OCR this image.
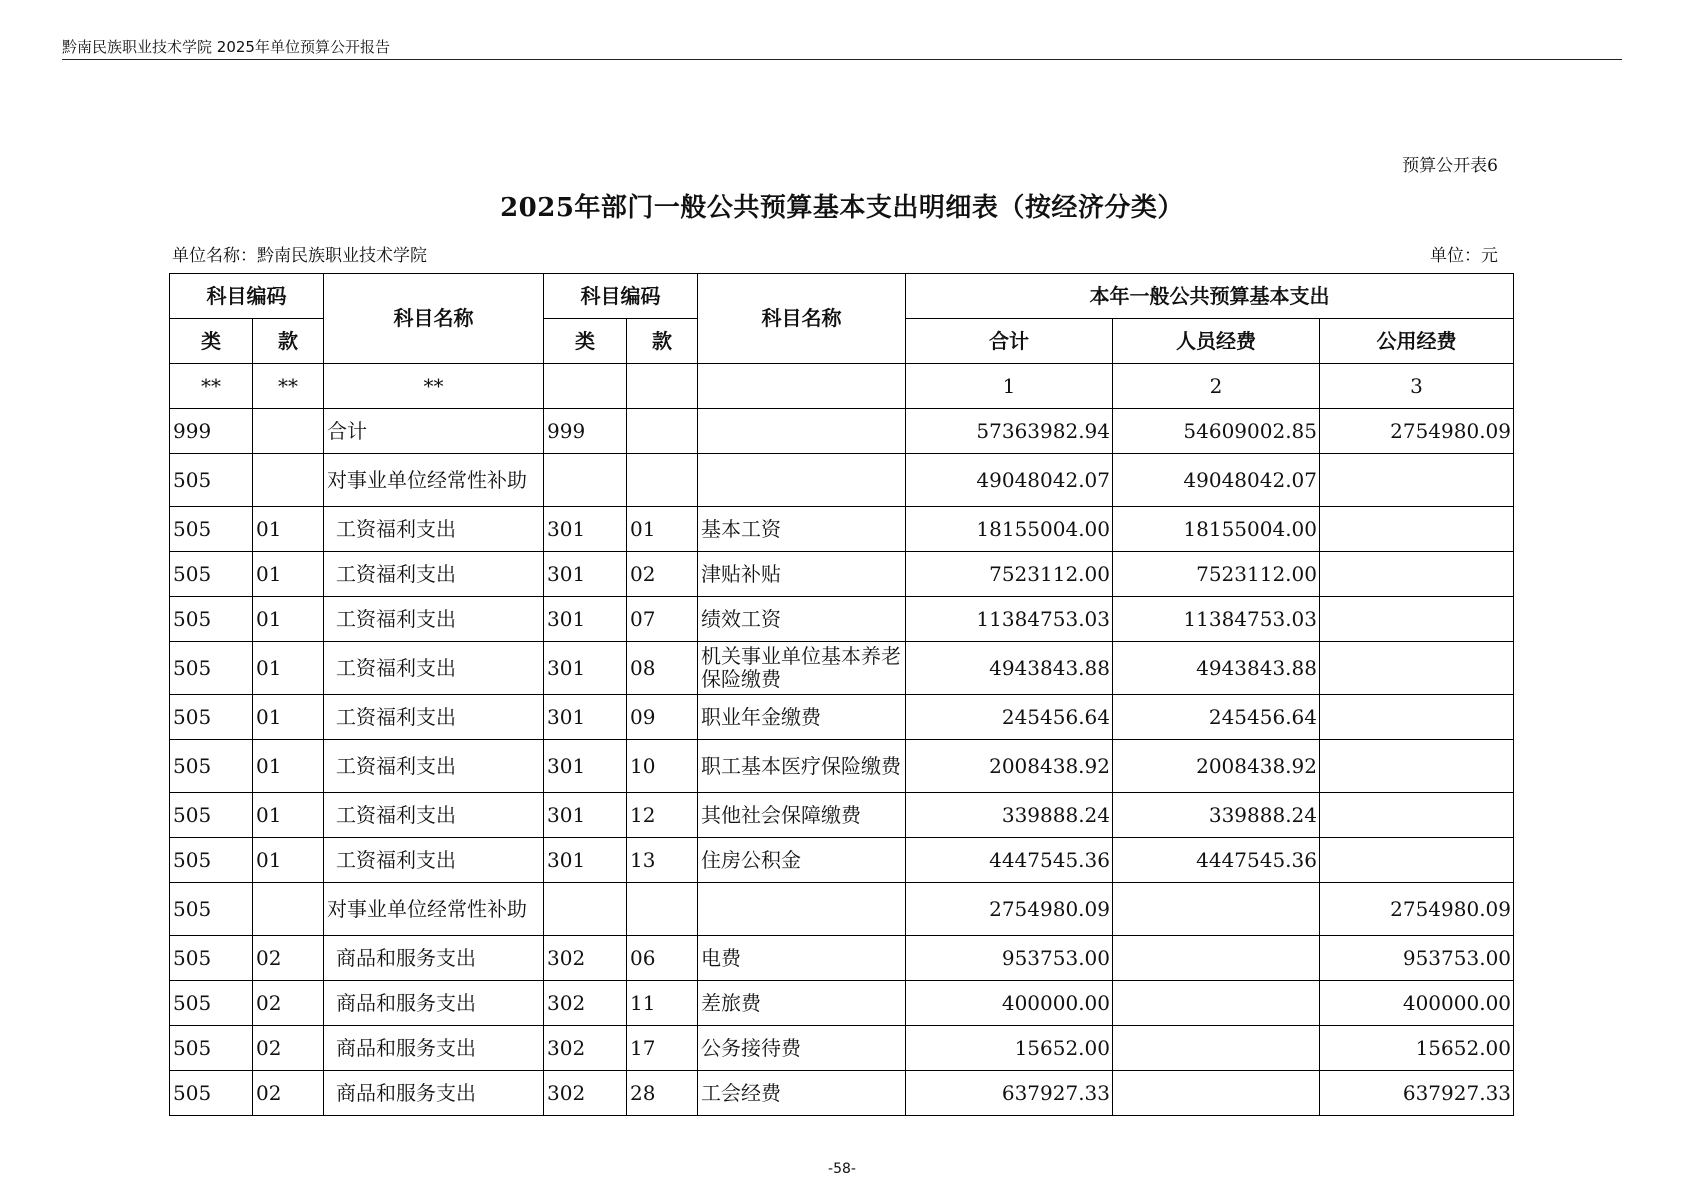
黔南民族职业技术学院 2025年单位预算公开报告
预算公开表6
2025年部门一般公共预算基本支出明细表（按经济分类）
单位名称：黔南民族职业技术学院	单位：元
科目编码		科目名称	科目编码		科目名称	本年一般公共预算基本支出		
类	款		类	款		合计	人员经费	公用经费
**	**	**				1	2	3
999		合计	999			57363982.94	54609002.85	2754980.09
505		对事业单位经常性补助				49048042.07	49048042.07	
505	01	工资福利支出	301	01	基本工资	18155004.00	18155004.00	
505	01	工资福利支出	301	02	津贴补贴	7523112.00	7523112.00	
505	01	工资福利支出	301	07	绩效工资	11384753.03	11384753.03	
505	01	工资福利支出	301	08	机关事业单位基本养老保险缴费	4943843.88	4943843.88	
505	01	工资福利支出	301	09	职业年金缴费	245456.64	245456.64	
505	01	工资福利支出	301	10	职工基本医疗保险缴费	2008438.92	2008438.92	
505	01	工资福利支出	301	12	其他社会保障缴费	339888.24	339888.24	
505	01	工资福利支出	301	13	住房公积金	4447545.36	4447545.36	
505		对事业单位经常性补助				2754980.09		2754980.09
505	02	商品和服务支出	302	06	电费	953753.00		953753.00
505	02	商品和服务支出	302	11	差旅费	400000.00		400000.00
505	02	商品和服务支出	302	17	公务接待费	15652.00		15652.00
505	02	商品和服务支出	302	28	工会经费	637927.33		637927.33
-58-
